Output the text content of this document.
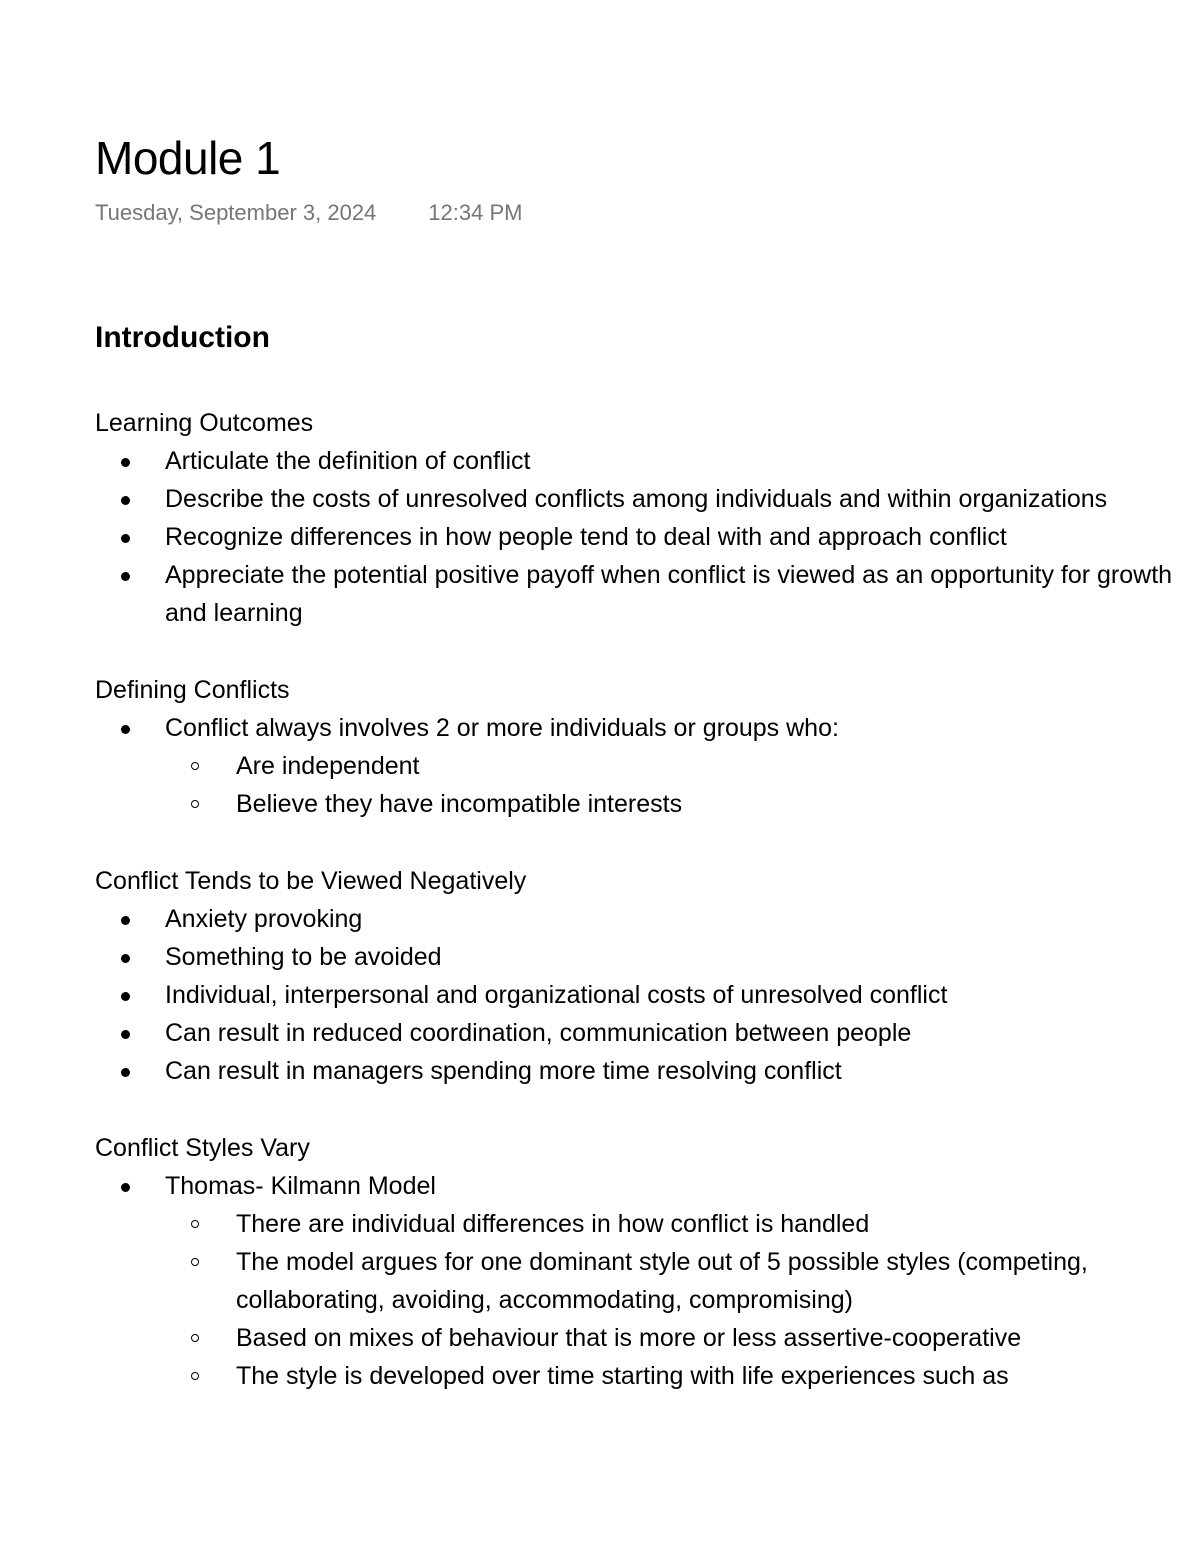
Module 1
Tuesday, September 3, 2024 12:34 PM
Introduction

Learning Outcomes

Articulate the definition of conflict
Describe the costs of unresolved conflicts among individuals and within organizations
Recognize differences in how people tend to deal with and approach conflict
Appreciate the potential positive payoff when conflict is viewed as an opportunity for growth and learning

Defining Conflicts

Conflict always involves 2 or more individuals or groups who:
Are independent
Believe they have incompatible interests

Conflict Tends to be Viewed Negatively

Anxiety provoking
Something to be avoided
Individual, interpersonal and organizational costs of unresolved conflict
Can result in reduced coordination, communication between people
Can result in managers spending more time resolving conflict

Conflict Styles Vary

Thomas- Kilmann Model
There are individual differences in how conflict is handled
The model argues for one dominant style out of 5 possible styles (competing, collaborating, avoiding, accommodating, compromising)
Based on mixes of behaviour that is more or less assertive-cooperative
The style is developed over time starting with life experiences such as
